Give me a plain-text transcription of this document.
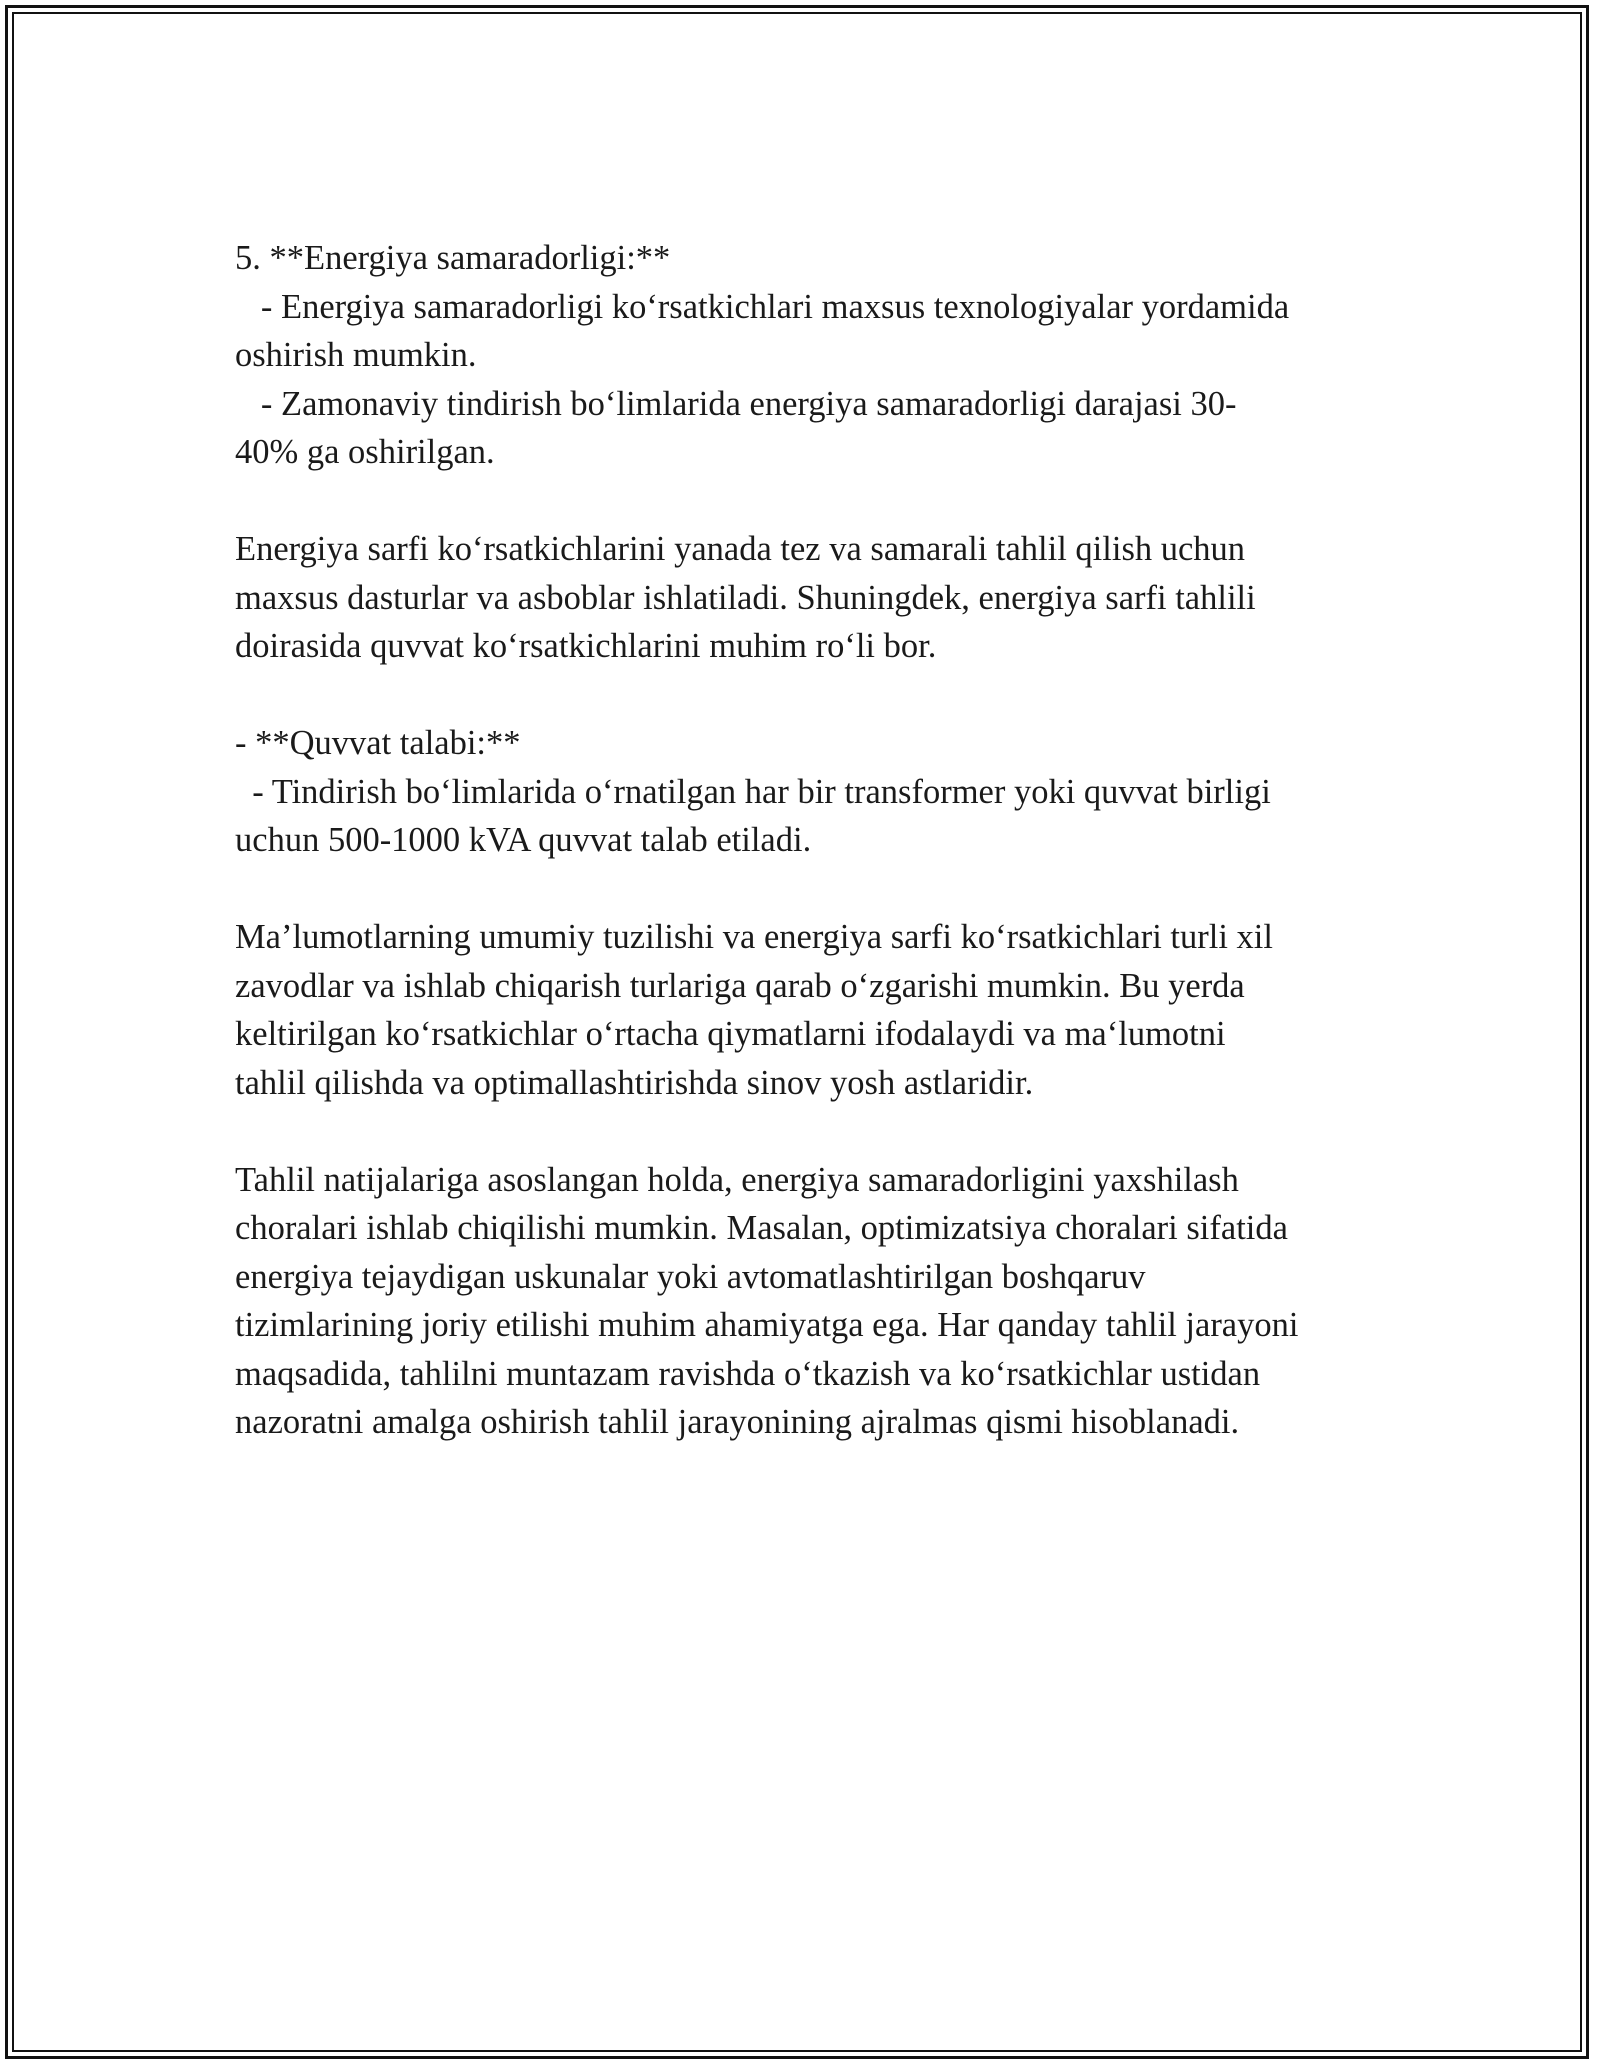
5. **Energiya samaradorligi:**
- Energiya samaradorligi ko‘rsatkichlari maxsus texnologiyalar yordamida
oshirish mumkin.
- Zamonaviy tindirish bo‘limlarida energiya samaradorligi darajasi 30-
40% ga oshirilgan.
Energiya sarfi ko‘rsatkichlarini yanada tez va samarali tahlil qilish uchun
maxsus dasturlar va asboblar ishlatiladi. Shuningdek, energiya sarfi tahlili
doirasida quvvat ko‘rsatkichlarini muhim ro‘li bor.
- **Quvvat talabi:**
- Tindirish bo‘limlarida o‘rnatilgan har bir transformer yoki quvvat birligi
uchun 500-1000 kVA quvvat talab etiladi.
Ma’lumotlarning umumiy tuzilishi va energiya sarfi ko‘rsatkichlari turli xil
zavodlar va ishlab chiqarish turlariga qarab o‘zgarishi mumkin. Bu yerda
keltirilgan ko‘rsatkichlar o‘rtacha qiymatlarni ifodalaydi va ma‘lumotni
tahlil qilishda va optimallashtirishda sinov yosh astlaridir.
Tahlil natijalariga asoslangan holda, energiya samaradorligini yaxshilash
choralari ishlab chiqilishi mumkin. Masalan, optimizatsiya choralari sifatida
energiya tejaydigan uskunalar yoki avtomatlashtirilgan boshqaruv
tizimlarining joriy etilishi muhim ahamiyatga ega. Har qanday tahlil jarayoni
maqsadida, tahlilni muntazam ravishda o‘tkazish va ko‘rsatkichlar ustidan
nazoratni amalga oshirish tahlil jarayonining ajralmas qismi hisoblanadi.
